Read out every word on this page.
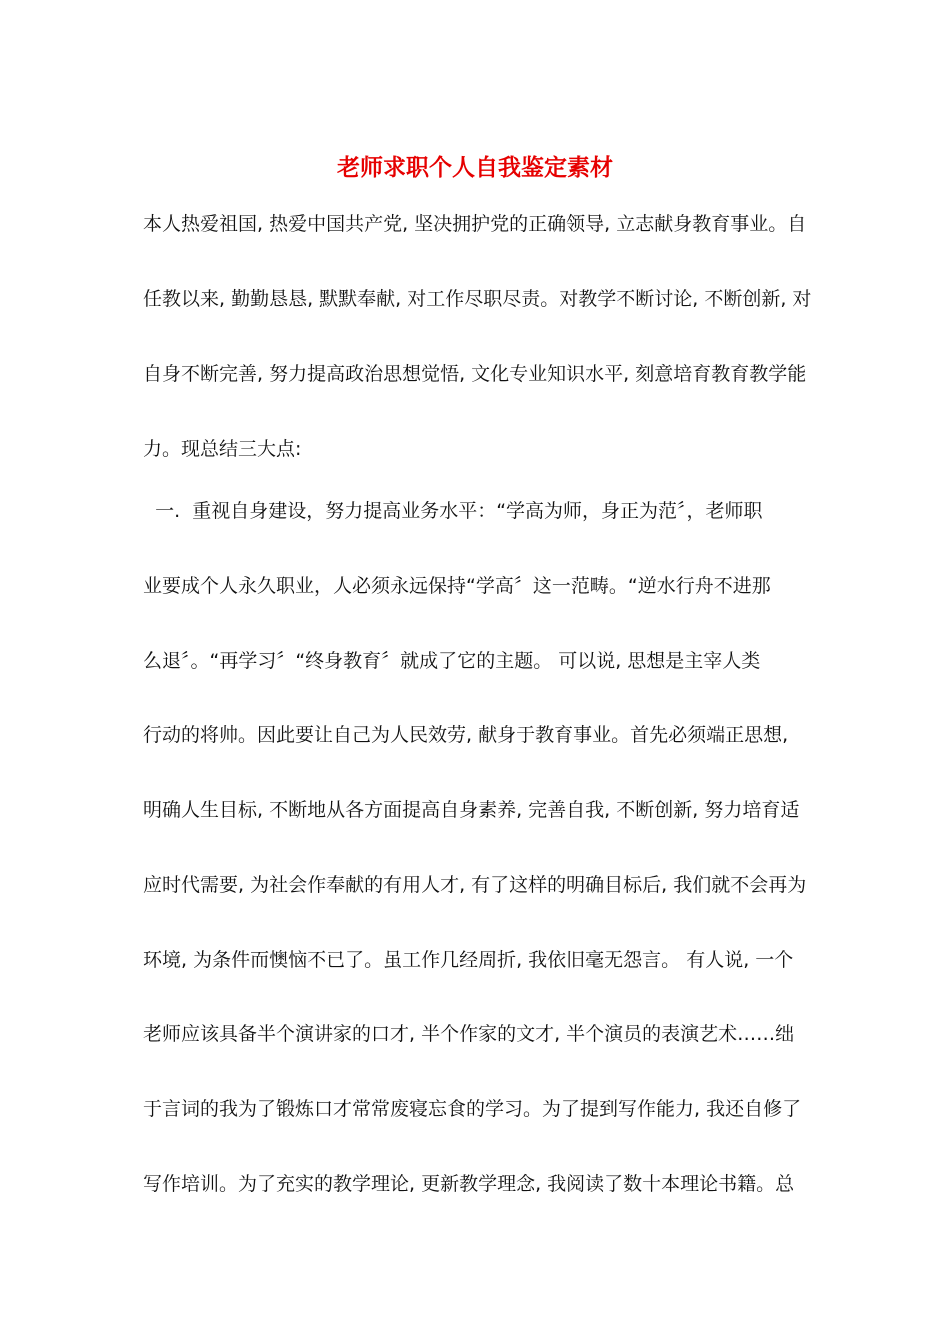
老师求职个人自我鉴定素材

本人热爱祖国, 热爱中国共产党, 坚决拥护党的正确领导, 立志献身教育事业。自

任教以来, 勤勤恳恳, 默默奉献, 对工作尽职尽责。对教学不断讨论, 不断创新, 对

自身不断完善, 努力提高政治思想觉悟, 文化专业知识水平, 刻意培育教育教学能

力。现总结三大点:

一.  重视自身建设，努力提高业务水平：“学高为师，身正为范〞，老师职

业要成个人永久职业，人必须永远保持“学高〞这一范畴。“逆水行舟不进那

么退〞。“再学习〞“终身教育〞就成了它的主题。 可以说, 思想是主宰人类

行动的将帅。因此要让自己为人民效劳, 献身于教育事业。首先必须端正思想,

明确人生目标, 不断地从各方面提高自身素养, 完善自我, 不断创新, 努力培育适

应时代需要, 为社会作奉献的有用人才, 有了这样的明确目标后, 我们就不会再为

环境, 为条件而懊恼不已了。虽工作几经周折, 我依旧毫无怨言。 有人说, 一个

老师应该具备半个演讲家的口才, 半个作家的文才, 半个演员的表演艺术……绌

于言词的我为了锻炼口才常常废寝忘食的学习。为了提到写作能力, 我还自修了

写作培训。为了充实的教学理论, 更新教学理念, 我阅读了数十本理论书籍。总
